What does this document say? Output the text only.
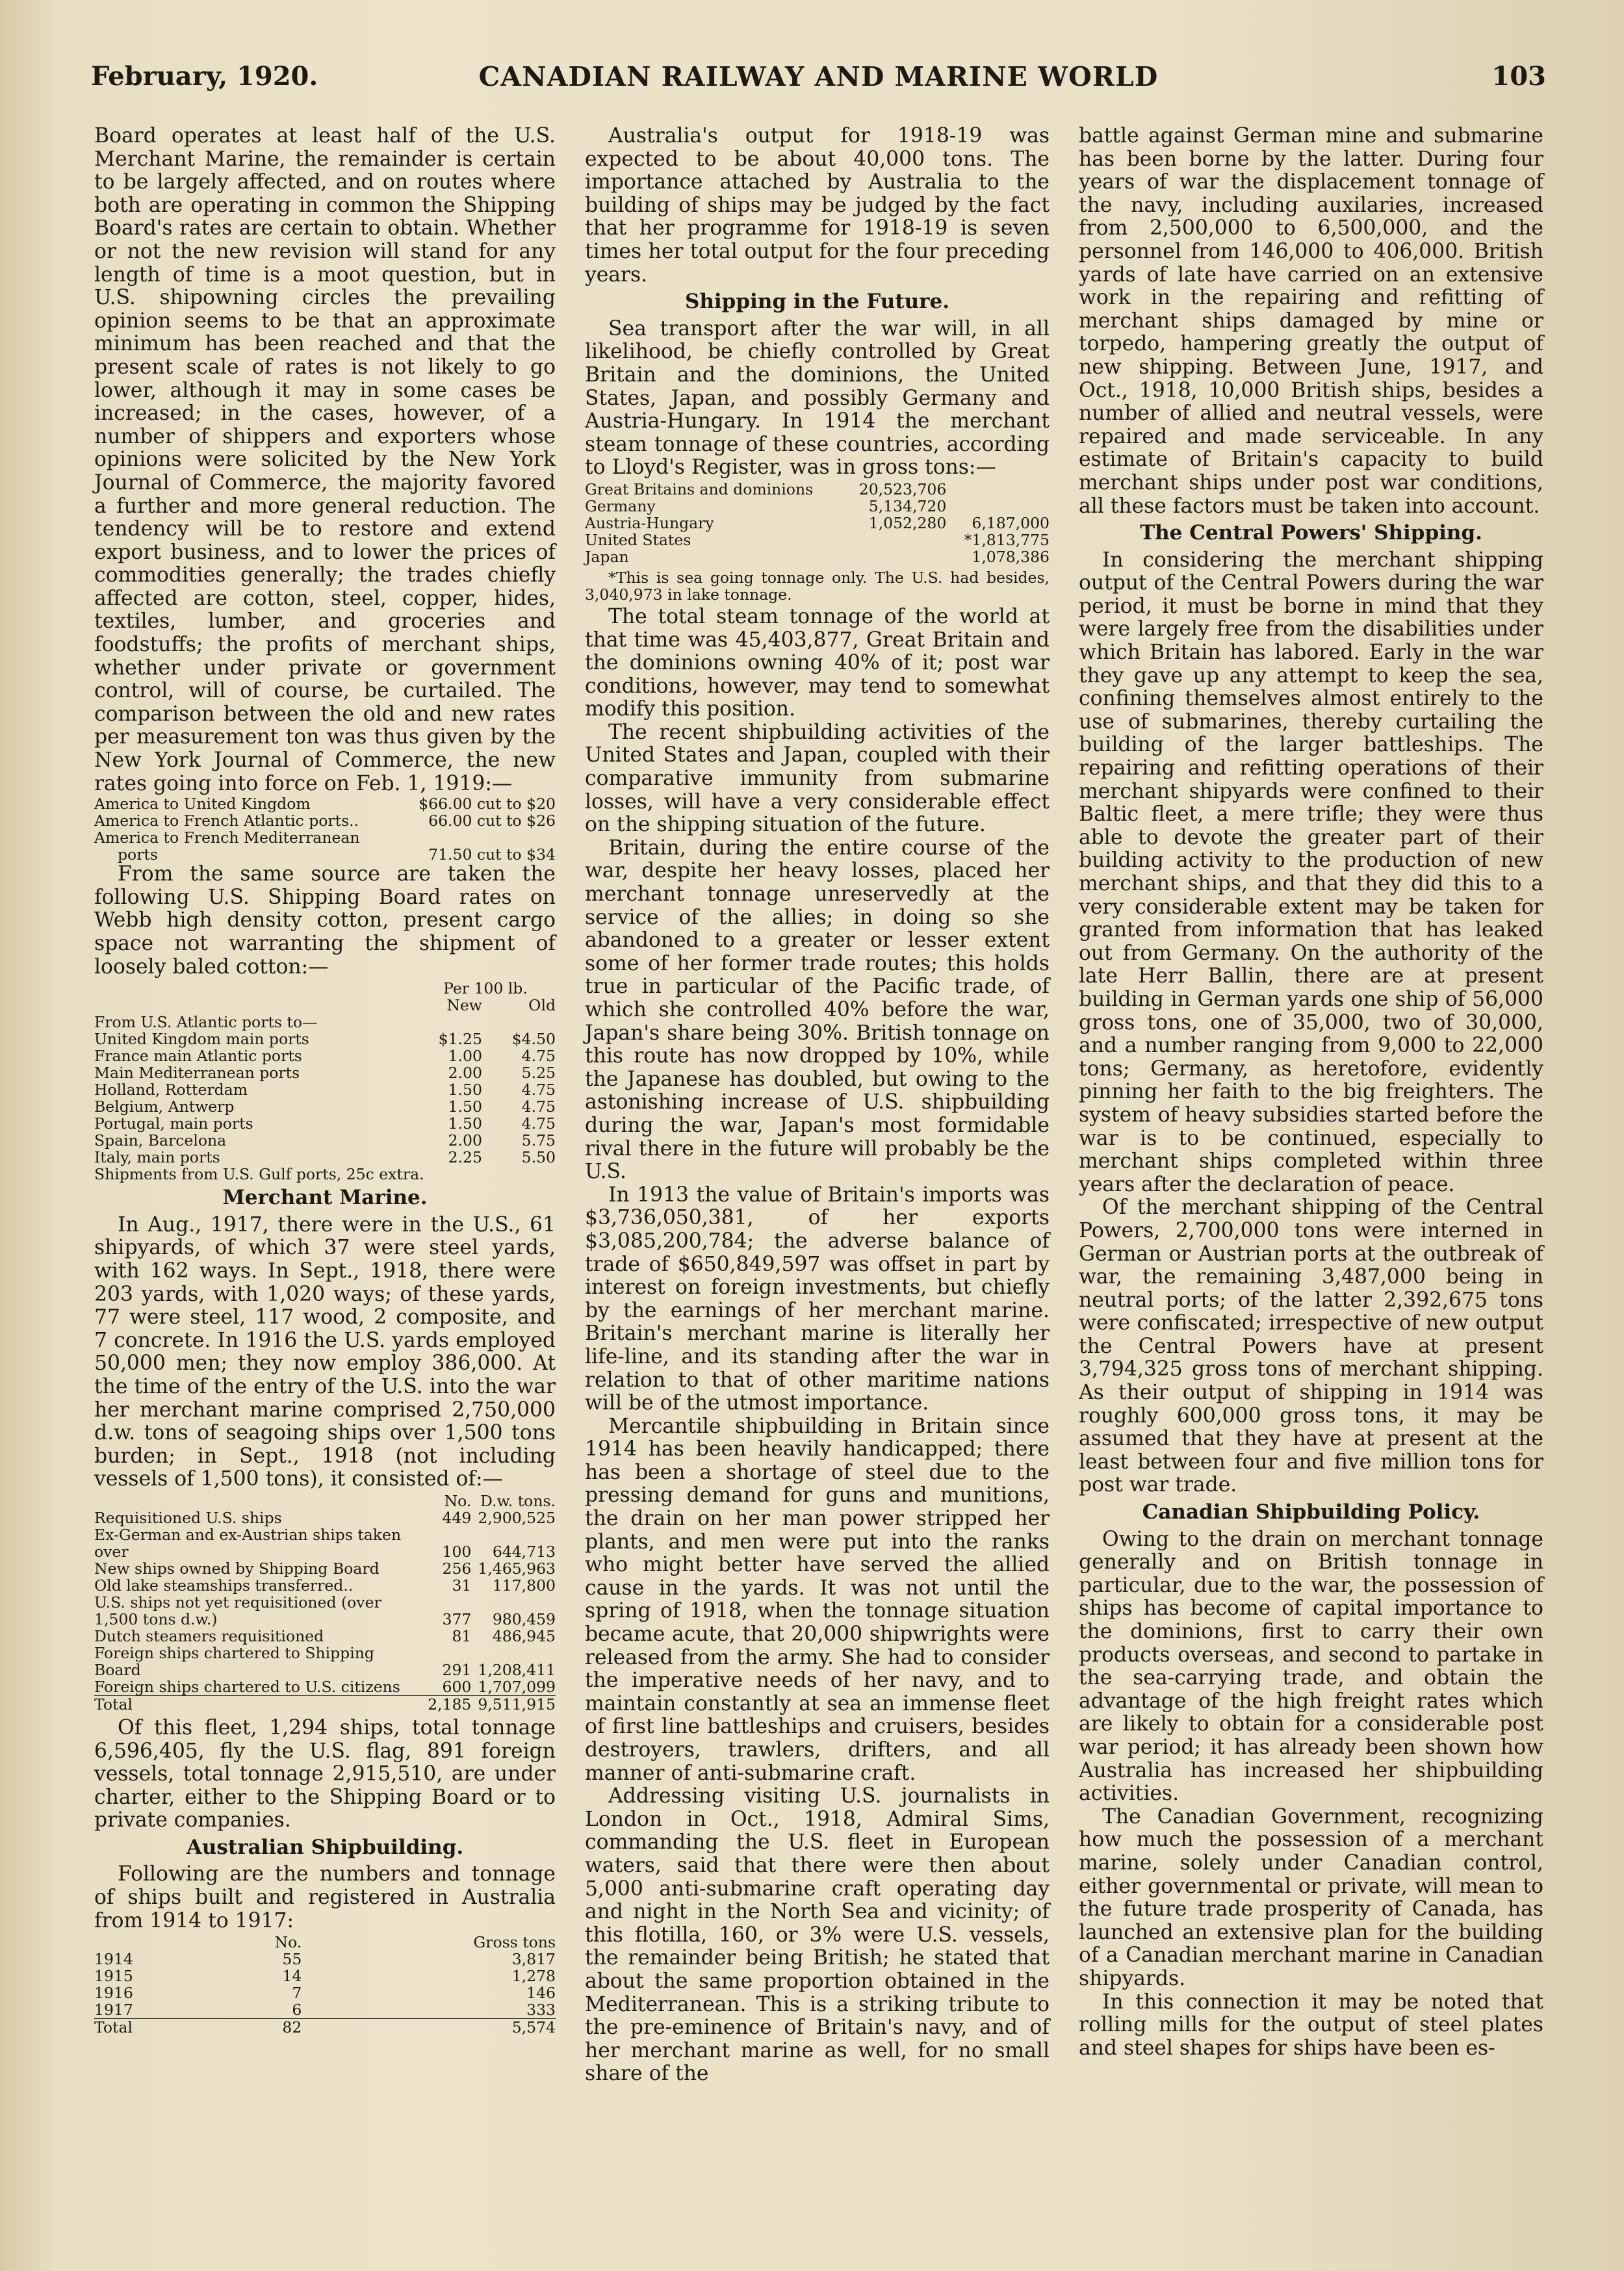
February, 1920.	CANADIAN RAILWAY AND MARINE WORLD	103

Board operates at least half of the U.S. Merchant Marine, the remainder is certain to be largely affected, and on routes where both are operating in common the Shipping Board's rates are certain to obtain. Whether or not the new revision will stand for any length of time is a moot question, but in U.S. shipowning circles the prevailing opinion seems to be that an approximate minimum has been reached and that the present scale of rates is not likely to go lower, although it may in some cases be increased; in the cases, however, of a number of shippers and exporters whose opinions were solicited by the New York Journal of Commerce, the majority favored a further and more general reduction. The tendency will be to restore and extend export business, and to lower the prices of commodities generally; the trades chiefly affected are cotton, steel, copper, hides, textiles, lumber, and groceries and foodstuffs; the profits of merchant ships, whether under private or government control, will of course, be curtailed. The comparison between the old and new rates per measurement ton was thus given by the New York Journal of Commerce, the new rates going into force on Feb. 1, 1919:—

America to United Kingdom	$66.00 cut to $20
America to French Atlantic ports..	66.00 cut to $26
America to French Mediterranean
ports	71.50 cut to $34

From the same source are taken the following U.S. Shipping Board rates on Webb high density cotton, present cargo space not warranting the shipment of loosely baled cotton:—

	Per 100 lb.	
	New	Old
From U.S. Atlantic ports to—		
United Kingdom main ports	$1.25	$4.50
France main Atlantic ports	1.00	4.75
Main Mediterranean ports	2.00	5.25
Holland, Rotterdam	1.50	4.75
Belgium, Antwerp	1.50	4.75
Portugal, main ports	1.50	4.75
Spain, Barcelona	2.00	5.75
Italy, main ports	2.25	5.50
Shipments from U.S. Gulf ports, 25c extra.		
Merchant Marine.

In Aug., 1917, there were in the U.S., 61 shipyards, of which 37 were steel yards, with 162 ways. In Sept., 1918, there were 203 yards, with 1,020 ways; of these yards, 77 were steel, 117 wood, 2 composite, and 7 concrete. In 1916 the U.S. yards employed 50,000 men; they now employ 386,000. At the time of the entry of the U.S. into the war her merchant marine comprised 2,750,000 d.w. tons of seagoing ships over 1,500 tons burden; in Sept., 1918 (not including vessels of 1,500 tons), it consisted of:—

	No.	D.w. tons.
Requisitioned U.S. ships	449	2,900,525
Ex-German and ex-Austrian ships taken over	100	644,713
New ships owned by Shipping Board	256	1,465,963
Old lake steamships transferred..	31	117,800
U.S. ships not yet requisitioned (over 1,500 tons d.w.)	377	980,459
Dutch steamers requisitioned	81	486,945
Foreign ships chartered to Shipping Board	291	1,208,411
Foreign ships chartered to U.S. citizens	600	1,707,099
Total	2,185	9,511,915

Of this fleet, 1,294 ships, total tonnage 6,596,405, fly the U.S. flag, 891 foreign vessels, total tonnage 2,915,510, are under charter, either to the Shipping Board or to private companies.

Australian Shipbuilding.

Following are the numbers and tonnage of ships built and registered in Australia from 1914 to 1917:

	No.	Gross tons
1914	55	3,817
1915	14	1,278
1916	7	146
1917	6	333
Total	82	5,574

Australia's output for 1918-19 was expected to be about 40,000 tons. The importance attached by Australia to the building of ships may be judged by the fact that her programme for 1918-19 is seven times her total output for the four preceding years.

Shipping in the Future.

Sea transport after the war will, in all likelihood, be chiefly controlled by Great Britain and the dominions, the United States, Japan, and possibly Germany and Austria-Hungary. In 1914 the merchant steam tonnage of these countries, according to Lloyd's Register, was in gross tons:—

Great Britains and dominions	20,523,706	
Germany	5,134,720	
Austria-Hungary	1,052,280	6,187,000
United States		*1,813,775
Japan		1,078,386

*This is sea going tonnage only. The U.S. had besides, 3,040,973 in lake tonnage.

The total steam tonnage of the world at that time was 45,403,877, Great Britain and the dominions owning 40% of it; post war conditions, however, may tend to somewhat modify this position.

The recent shipbuilding activities of the United States and Japan, coupled with their comparative immunity from submarine losses, will have a very considerable effect on the shipping situation of the future.

Britain, during the entire course of the war, despite her heavy losses, placed her merchant tonnage unreservedly at the service of the allies; in doing so she abandoned to a greater or lesser extent some of her former trade routes; this holds true in particular of the Pacific trade, of which she controlled 40% before the war, Japan's share being 30%. British tonnage on this route has now dropped by 10%, while the Japanese has doubled, but owing to the astonishing increase of U.S. shipbuilding during the war, Japan's most formidable rival there in the future will probably be the U.S.

In 1913 the value of Britain's imports was $3,736,050,381, of her exports $3,085,200,784; the adverse balance of trade of $650,849,597 was offset in part by interest on foreign investments, but chiefly by the earnings of her merchant marine. Britain's merchant marine is literally her life-line, and its standing after the war in relation to that of other maritime nations will be of the utmost importance.

Mercantile shipbuilding in Britain since 1914 has been heavily handicapped; there has been a shortage of steel due to the pressing demand for guns and munitions, the drain on her man power stripped her plants, and men were put into the ranks who might better have served the allied cause in the yards. It was not until the spring of 1918, when the tonnage situation became acute, that 20,000 shipwrights were released from the army. She had to consider the imperative needs of her navy, and to maintain constantly at sea an immense fleet of first line battleships and cruisers, besides destroyers, trawlers, drifters, and all manner of anti-submarine craft.

Addressing visiting U.S. journalists in London in Oct., 1918, Admiral Sims, commanding the U.S. fleet in European waters, said that there were then about 5,000 anti-submarine craft operating day and night in the North Sea and vicinity; of this flotilla, 160, or 3% were U.S. vessels, the remainder being British; he stated that about the same proportion obtained in the Mediterranean. This is a striking tribute to the pre-eminence of Britain's navy, and of her merchant marine as well, for no small share of the

battle against German mine and submarine has been borne by the latter. During four years of war the displacement tonnage of the navy, including auxilaries, increased from 2,500,000 to 6,500,000, and the personnel from 146,000 to 406,000. British yards of late have carried on an extensive work in the repairing and refitting of merchant ships damaged by mine or torpedo, hampering greatly the output of new shipping. Between June, 1917, and Oct., 1918, 10,000 British ships, besides a number of allied and neutral vessels, were repaired and made serviceable. In any estimate of Britain's capacity to build merchant ships under post war conditions, all these factors must be taken into account.

The Central Powers' Shipping.

In considering the merchant shipping output of the Central Powers during the war period, it must be borne in mind that they were largely free from the disabilities under which Britain has labored. Early in the war they gave up any attempt to keep the sea, confining themselves almost entirely to the use of submarines, thereby curtailing the building of the larger battleships. The repairing and refitting operations of their merchant shipyards were confined to their Baltic fleet, a mere trifle; they were thus able to devote the greater part of their building activity to the production of new merchant ships, and that they did this to a very considerable extent may be taken for granted from information that has leaked out from Germany. On the authority of the late Herr Ballin, there are at present building in German yards one ship of 56,000 gross tons, one of 35,000, two of 30,000, and a number ranging from 9,000 to 22,000 tons; Germany, as heretofore, evidently pinning her faith to the big freighters. The system of heavy subsidies started before the war is to be continued, especially to merchant ships completed within three years after the declaration of peace.

Of the merchant shipping of the Central Powers, 2,700,000 tons were interned in German or Austrian ports at the outbreak of war, the remaining 3,487,000 being in neutral ports; of the latter 2,392,675 tons were confiscated; irrespective of new output the Central Powers have at present 3,794,325 gross tons of merchant shipping. As their output of shipping in 1914 was roughly 600,000 gross tons, it may be assumed that they have at present at the least between four and five million tons for post war trade.

Canadian Shipbuilding Policy.

Owing to the drain on merchant tonnage generally and on British tonnage in particular, due to the war, the possession of ships has become of capital importance to the dominions, first to carry their own products overseas, and second to partake in the sea-carrying trade, and obtain the advantage of the high freight rates which are likely to obtain for a considerable post war period; it has already been shown how Australia has increased her shipbuilding activities.

The Canadian Government, recognizing how much the possession of a merchant marine, solely under Canadian control, either governmental or private, will mean to the future trade prosperity of Canada, has launched an extensive plan for the building of a Canadian merchant marine in Canadian shipyards.

In this connection it may be noted that rolling mills for the output of steel plates and steel shapes for ships have been es-
